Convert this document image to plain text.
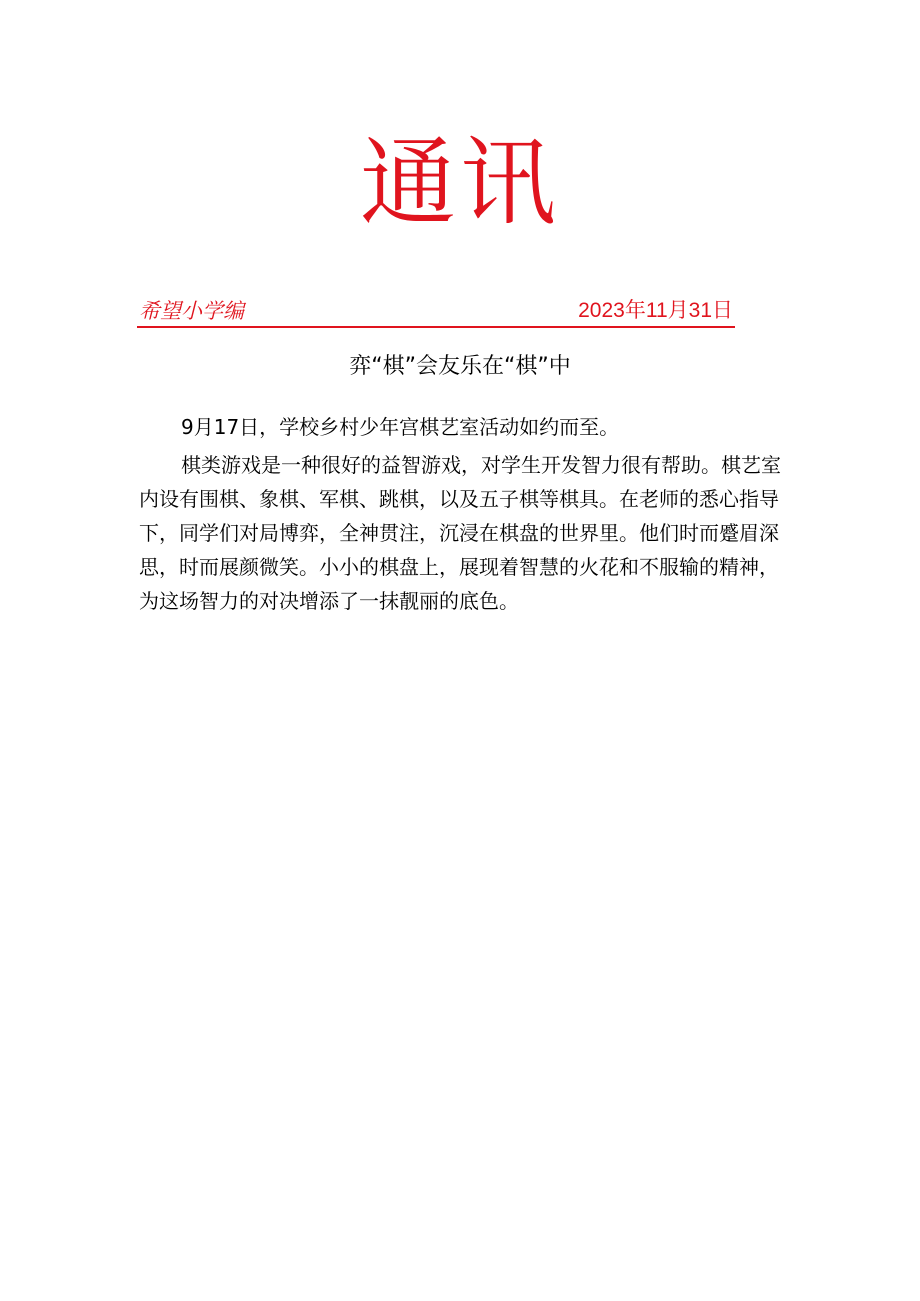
通讯
希望小学编	2023年11月31日
弈“棋”会友乐在“棋”中

9月17日，学校乡村少年宫棋艺室活动如约而至。

棋类游戏是一种很好的益智游戏，对学生开发智力很有帮助。棋艺室内设有围棋、象棋、军棋、跳棋，以及五子棋等棋具。在老师的悉心指导下，同学们对局博弈，全神贯注，沉浸在棋盘的世界里。他们时而蹙眉深思，时而展颜微笑。小小的棋盘上，展现着智慧的火花和不服输的精神，为这场智力的对决增添了一抹靓丽的底色。
